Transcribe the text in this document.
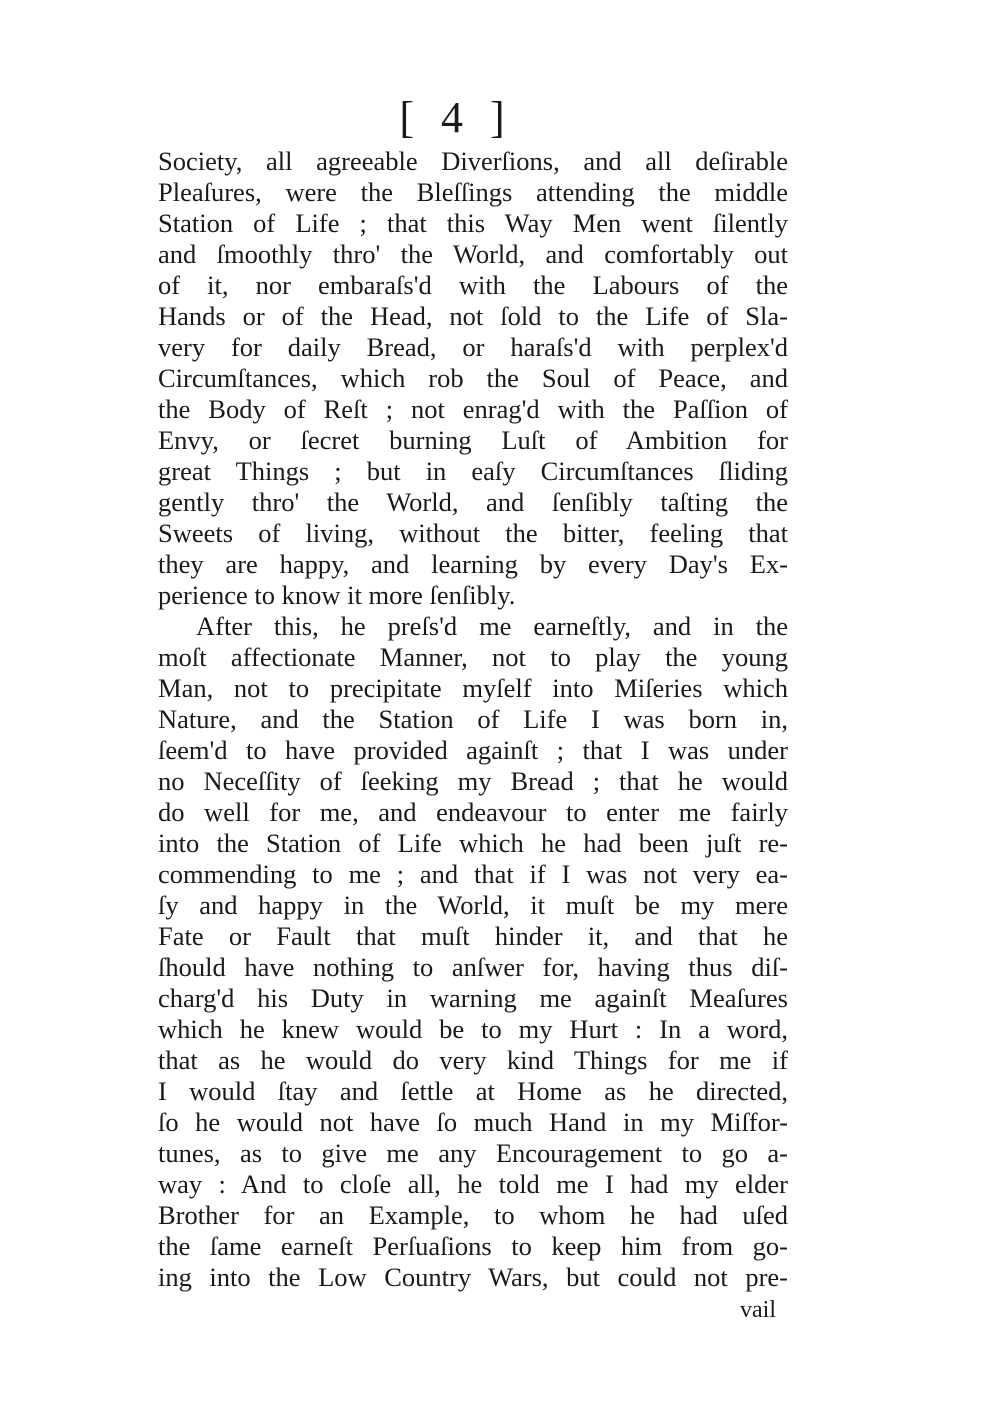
[ 4 ]
Society, all agreeable Diverſions, and all deſirable
Pleaſures, were the Bleſſings attending the middle
Station of Life ; that this Way Men went ſilently
and ſmoothly thro' the World, and comfortably out
of it, nor embaraſs'd with the Labours of the
Hands or of the Head, not ſold to the Life of Sla-
very for daily Bread, or haraſs'd with perplex'd
Circumſtances, which rob the Soul of Peace, and
the Body of Reſt ; not enrag'd with the Paſſion of
Envy, or ſecret burning Luſt of Ambition for
great Things ; but in eaſy Circumſtances ſliding
gently thro' the World, and ſenſibly taſting the
Sweets of living, without the bitter, feeling that
they are happy, and learning by every Day's Ex-
perience to know it more ſenſibly.
After this, he preſs'd me earneſtly, and in the
moſt affectionate Manner, not to play the young
Man, not to precipitate myſelf into Miſeries which
Nature, and the Station of Life I was born in,
ſeem'd to have provided againſt ; that I was under
no Neceſſity of ſeeking my Bread ; that he would
do well for me, and endeavour to enter me fairly
into the Station of Life which he had been juſt re-
commending to me ; and that if I was not very ea-
ſy and happy in the World, it muſt be my mere
Fate or Fault that muſt hinder it, and that he
ſhould have nothing to anſwer for, having thus diſ-
charg'd his Duty in warning me againſt Meaſures
which he knew would be to my Hurt : In a word,
that as he would do very kind Things for me if
I would ſtay and ſettle at Home as he directed,
ſo he would not have ſo much Hand in my Miſfor-
tunes, as to give me any Encouragement to go a-
way : And to cloſe all, he told me I had my elder
Brother for an Example, to whom he had uſed
the ſame earneſt Perſuaſions to keep him from go-
ing into the Low Country Wars, but could not pre-
vail
